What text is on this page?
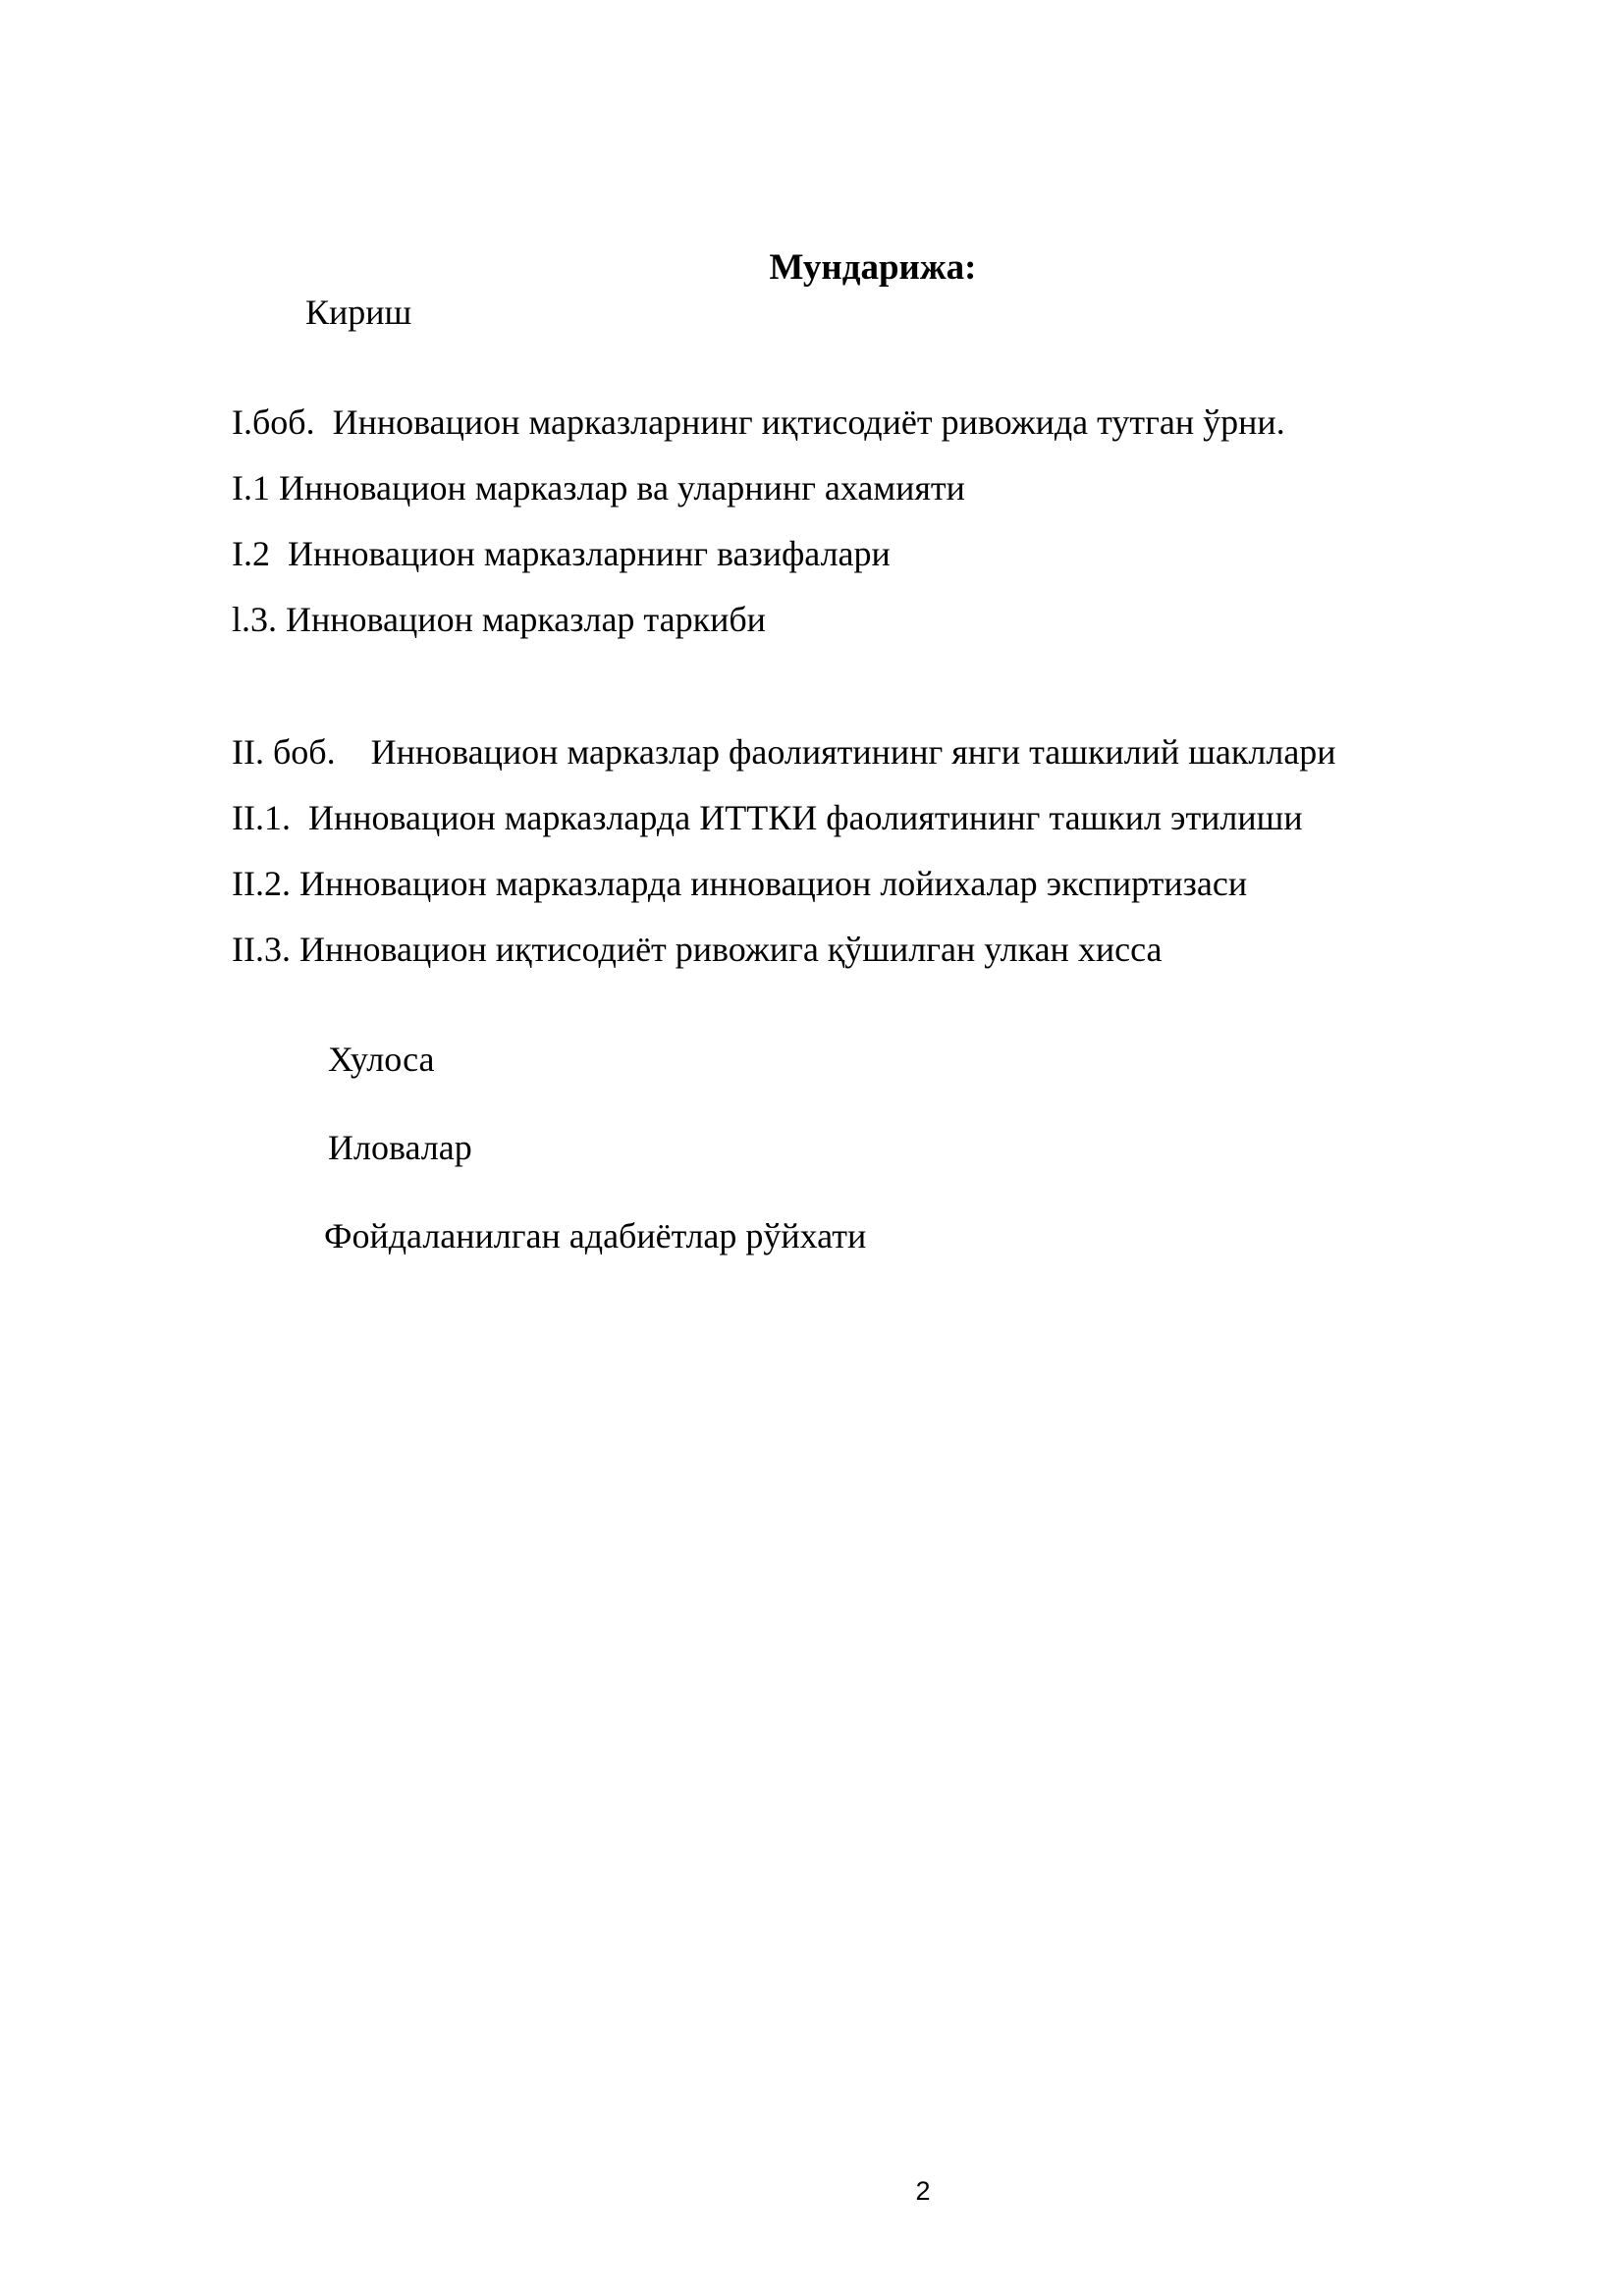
Мундарижа:
Кириш
I.боб.  Инновацион марказларнинг иқтисодиёт ривожида тутган ўрни.
I.1 Инновацион марказлар ва уларнинг ахамияти
I.2  Инновацион марказларнинг вазифалари
l.3. Инновацион марказлар таркиби
II. боб.    Инновацион марказлар фаолиятининг янги ташкилий шакллари
II.1.  Инновацион марказларда ИТТКИ фаолиятининг ташкил этилиши
II.2. Инновацион марказларда инновацион лойихалар экспиртизаси
II.3. Инновацион иқтисодиёт ривожига қўшилган улкан хисса
Хулоса
Иловалар
Фойдаланилган адабиётлар рўйхати
2
